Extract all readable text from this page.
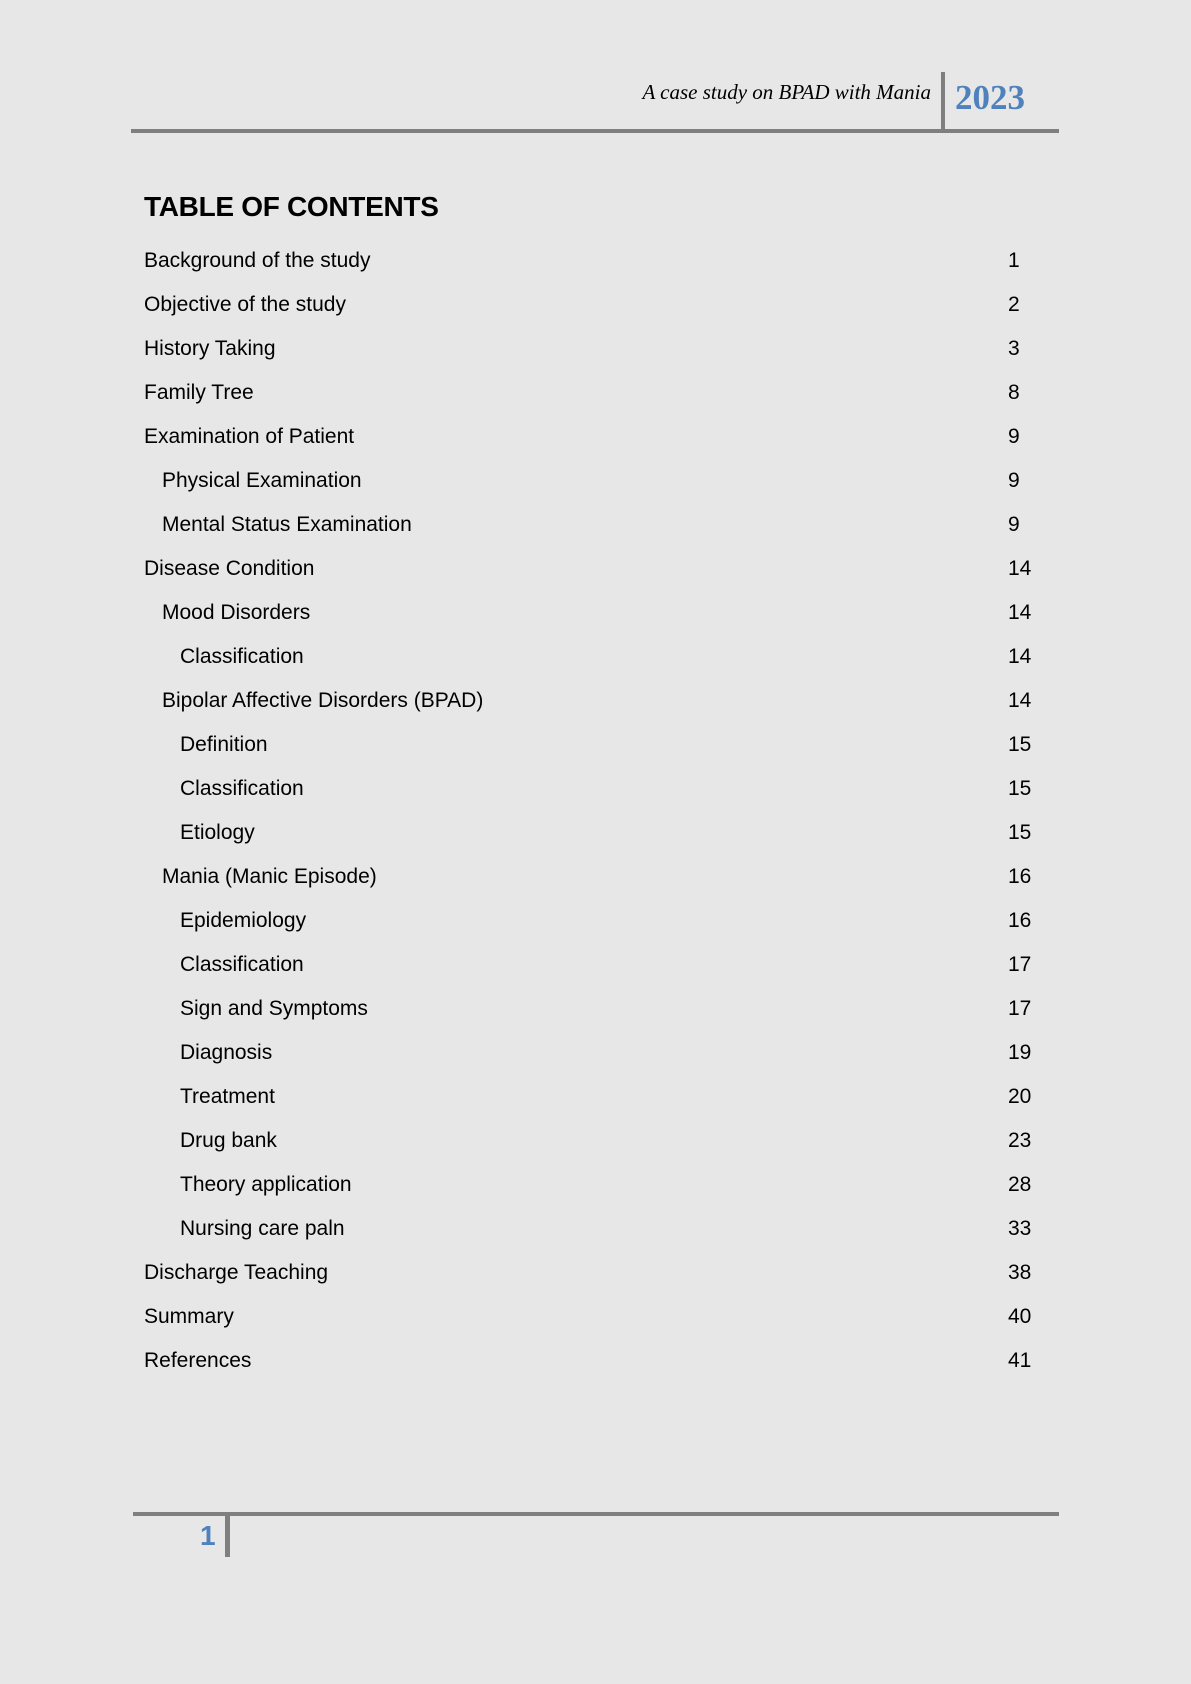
A case study on BPAD with Mania 2023
TABLE OF CONTENTS
Background of the study	1
Objective of the study	2
History Taking	3
Family Tree	8
Examination of Patient	9
Physical Examination	9
Mental Status Examination	9
Disease Condition	14
Mood Disorders	14
Classification	14
Bipolar Affective Disorders (BPAD)	14
Definition	15
Classification	15
Etiology	15
Mania (Manic Episode)	16
Epidemiology	16
Classification	17
Sign and Symptoms	17
Diagnosis	19
Treatment	20
Drug bank	23
Theory application	28
Nursing care paln	33
Discharge Teaching	38
Summary	40
References	41
1
